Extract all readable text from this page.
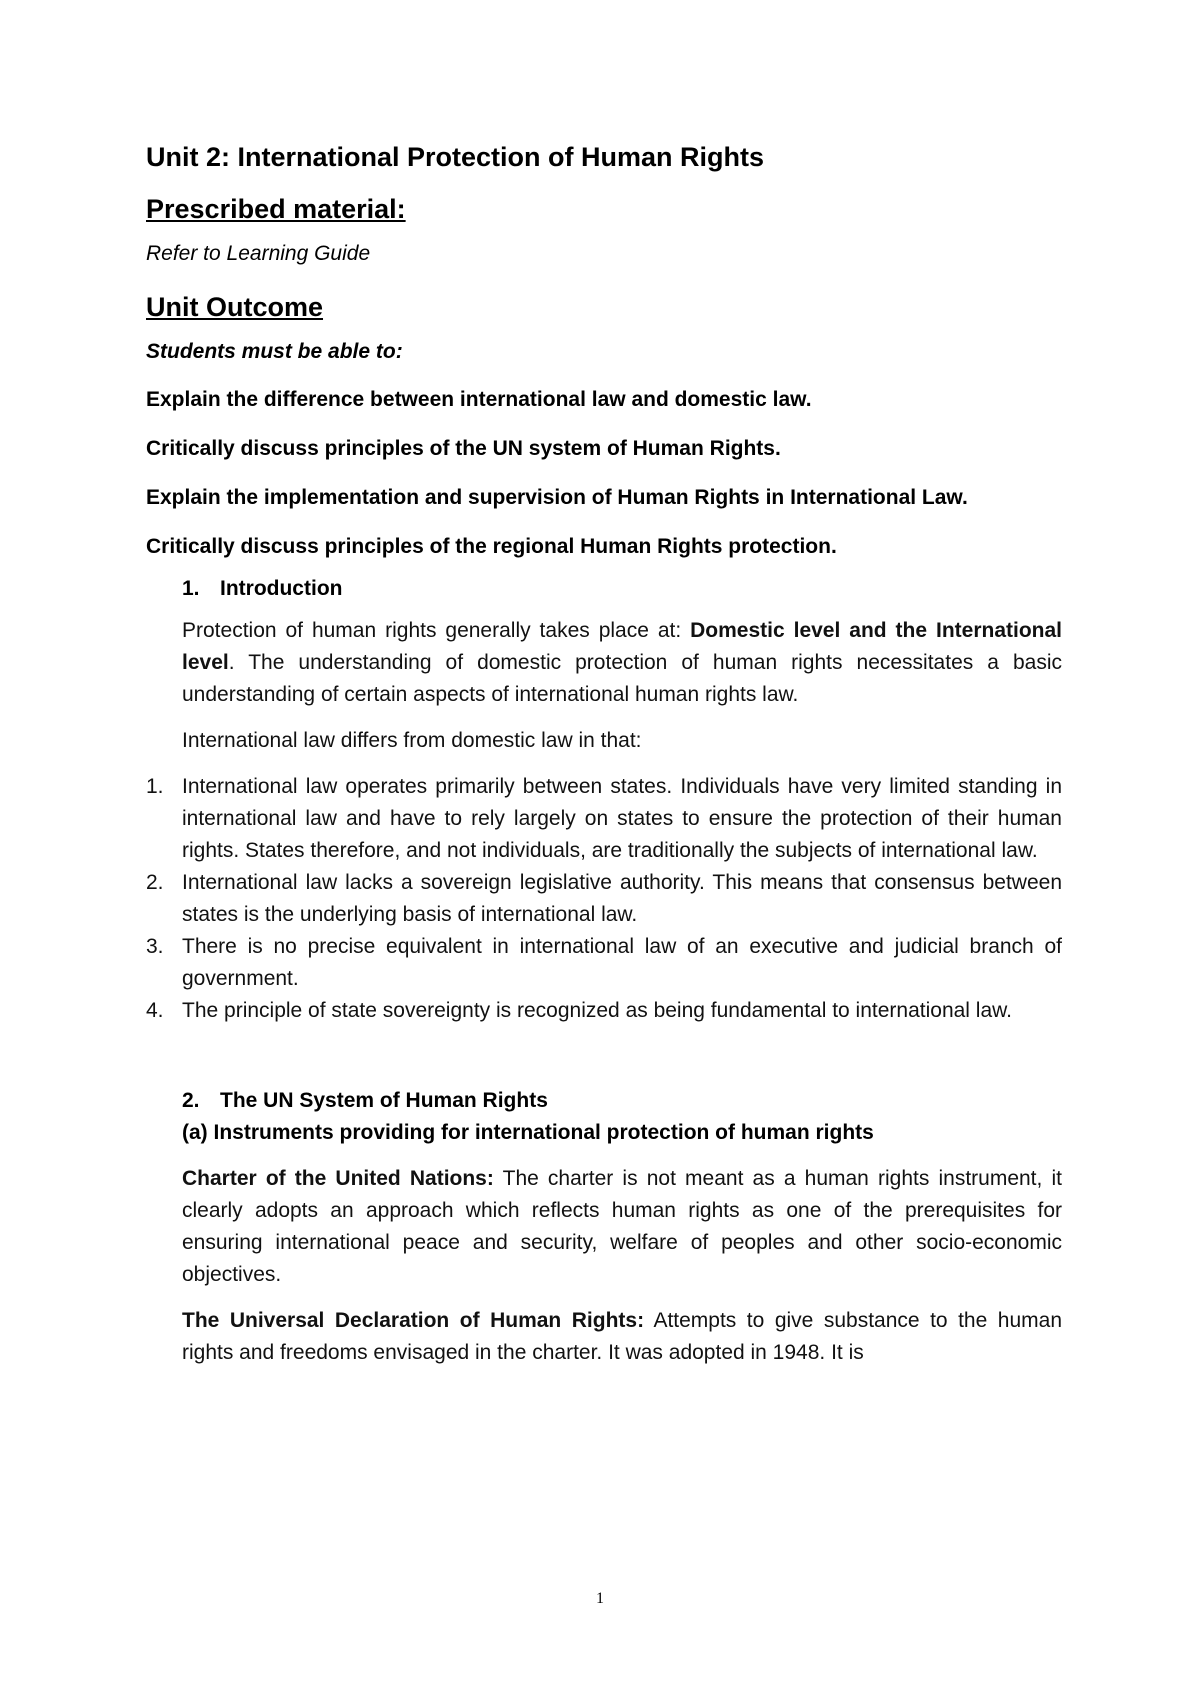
Unit 2: International Protection of Human Rights
Prescribed material:
Refer to Learning Guide
Unit Outcome
Students must be able to:
Explain the difference between international law and domestic law.
Critically discuss principles of the UN system of Human Rights.
Explain the implementation and supervision of Human Rights in International Law.
Critically discuss principles of the regional Human Rights protection.
1. Introduction
Protection of human rights generally takes place at: Domestic level and the International level. The understanding of domestic protection of human rights necessitates a basic understanding of certain aspects of international human rights law.
International law differs from domestic law in that:
1. International law operates primarily between states. Individuals have very limited standing in international law and have to rely largely on states to ensure the protection of their human rights. States therefore, and not individuals, are traditionally the subjects of international law.
2. International law lacks a sovereign legislative authority. This means that consensus between states is the underlying basis of international law.
3. There is no precise equivalent in international law of an executive and judicial branch of government.
4. The principle of state sovereignty is recognized as being fundamental to international law.
2. The UN System of Human Rights
(a) Instruments providing for international protection of human rights
Charter of the United Nations: The charter is not meant as a human rights instrument, it clearly adopts an approach which reflects human rights as one of the prerequisites for ensuring international peace and security, welfare of peoples and other socio-economic objectives.
The Universal Declaration of Human Rights: Attempts to give substance to the human rights and freedoms envisaged in the charter. It was adopted in 1948. It is
1
